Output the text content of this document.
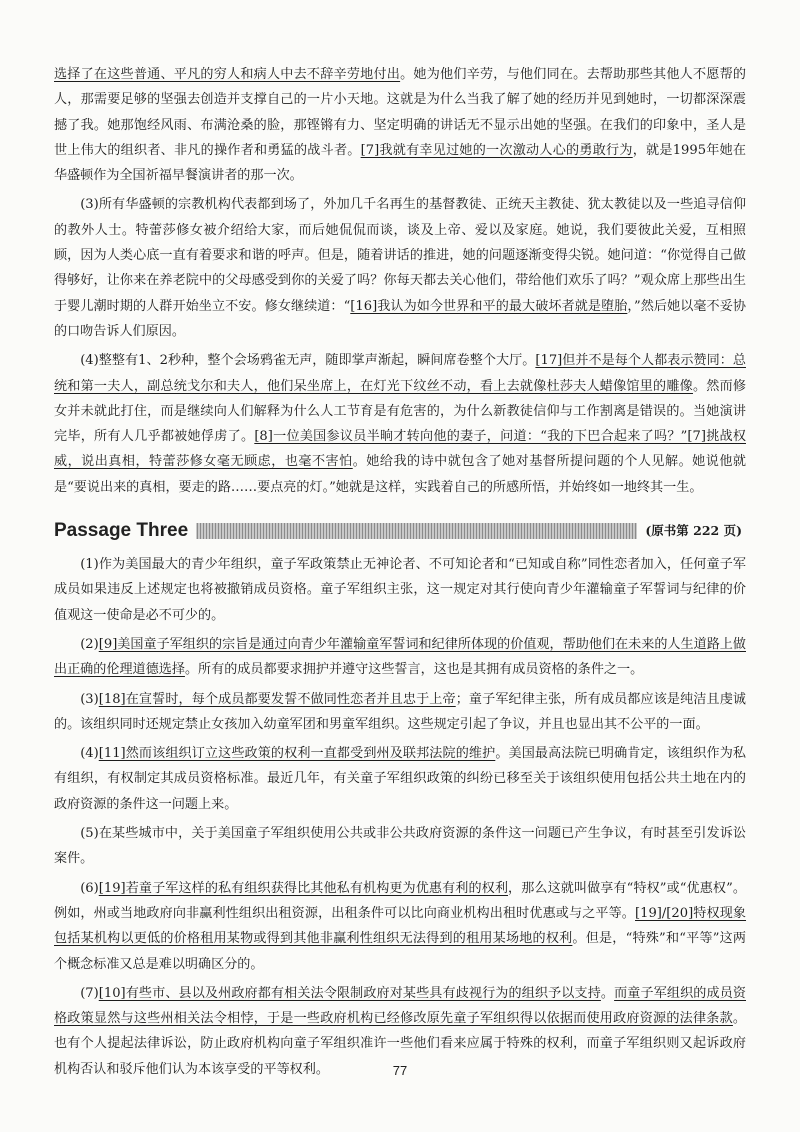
选择了在这些普通、平凡的穷人和病人中去不辞辛劳地付出。她为他们辛劳，与他们同在。去帮助那些其他人不愿帮的人，那需要足够的坚强去创造并支撑自己的一片小天地。这就是为什么当我了解了她的经历并见到她时，一切都深深震撼了我。她那饱经风雨、布满沧桑的脸，那铿锵有力、坚定明确的讲话无不显示出她的坚强。在我们的印象中，圣人是世上伟大的组织者、非凡的操作者和勇猛的战斗者。[7]我就有幸见过她的一次激动人心的勇敢行为，就是1995年她在华盛顿作为全国祈福早餐演讲者的那一次。

(3)所有华盛顿的宗教机构代表都到场了，外加几千名再生的基督教徒、正统天主教徒、犹太教徒以及一些追寻信仰的教外人士。特蕾莎修女被介绍给大家，而后她侃侃而谈，谈及上帝、爱以及家庭。她说，我们要彼此关爱，互相照顾，因为人类心底一直有着要求和谐的呼声。但是，随着讲话的推进，她的问题逐渐变得尖锐。她问道：“你觉得自己做得够好，让你来在养老院中的父母感受到你的关爱了吗？你每天都去关心他们，带给他们欢乐了吗？”观众席上那些出生于婴儿潮时期的人群开始坐立不安。修女继续道：“[16]我认为如今世界和平的最大破坏者就是堕胎，”然后她以毫不妥协的口吻告诉人们原因。

(4)整整有1、2秒种，整个会场鸦雀无声，随即掌声渐起，瞬间席卷整个大厅。[17]但并不是每个人都表示赞同：总统和第一夫人，副总统戈尔和夫人，他们呆坐席上，在灯光下纹丝不动，看上去就像杜莎夫人蜡像馆里的雕像。然而修女并未就此打住，而是继续向人们解释为什么人工节育是有危害的，为什么新教徒信仰与工作割离是错误的。当她演讲完毕，所有人几乎都被她俘虏了。[8]一位美国参议员半晌才转向他的妻子，问道：“我的下巴合起来了吗？”[7]挑战权威，说出真相，特蕾莎修女毫无顾虑，也毫不害怕。她给我的诗中就包含了她对基督所提问题的个人见解。她说他就是“要说出来的真相，要走的路……要点亮的灯。”她就是这样，实践着自己的所感所悟，并始终如一地终其一生。

Passage Three	(原书第 222 页)

(1)作为美国最大的青少年组织，童子军政策禁止无神论者、不可知论者和“已知或自称”同性恋者加入，任何童子军成员如果违反上述规定也将被撤销成员资格。童子军组织主张，这一规定对其行使向青少年灌输童子军誓词与纪律的价值观这一使命是必不可少的。

(2)[9]美国童子军组织的宗旨是通过向青少年灌输童军誓词和纪律所体现的价值观，帮助他们在未来的人生道路上做出正确的伦理道德选择。所有的成员都要求拥护并遵守这些誓言，这也是其拥有成员资格的条件之一。

(3)[18]在宣誓时，每个成员都要发誓不做同性恋者并且忠于上帝；童子军纪律主张，所有成员都应该是纯洁且虔诚的。该组织同时还规定禁止女孩加入幼童军团和男童军组织。这些规定引起了争议，并且也显出其不公平的一面。

(4)[11]然而该组织订立这些政策的权利一直都受到州及联邦法院的维护。美国最高法院已明确肯定，该组织作为私有组织，有权制定其成员资格标准。最近几年，有关童子军组织政策的纠纷已移至关于该组织使用包括公共土地在内的政府资源的条件这一问题上来。

(5)在某些城市中，关于美国童子军组织使用公共或非公共政府资源的条件这一问题已产生争议，有时甚至引发诉讼案件。

(6)[19]若童子军这样的私有组织获得比其他私有机构更为优惠有利的权利，那么这就叫做享有“特权”或“优惠权”。例如，州或当地政府向非赢利性组织出租资源，出租条件可以比向商业机构出租时优惠或与之平等。[19]/[20]特权现象包括某机构以更低的价格租用某物或得到其他非赢利性组织无法得到的租用某场地的权利。但是，“特殊”和“平等”这两个概念标准又总是难以明确区分的。

(7)[10]有些市、县以及州政府都有相关法令限制政府对某些具有歧视行为的组织予以支持。而童子军组织的成员资格政策显然与这些州相关法令相悖，于是一些政府机构已经修改原先童子军组织得以依据而使用政府资源的法律条款。也有个人提起法律诉讼，防止政府机构向童子军组织准许一些他们看来应属于特殊的权利，而童子军组织则又起诉政府机构否认和驳斥他们认为本该享受的平等权利。	77
